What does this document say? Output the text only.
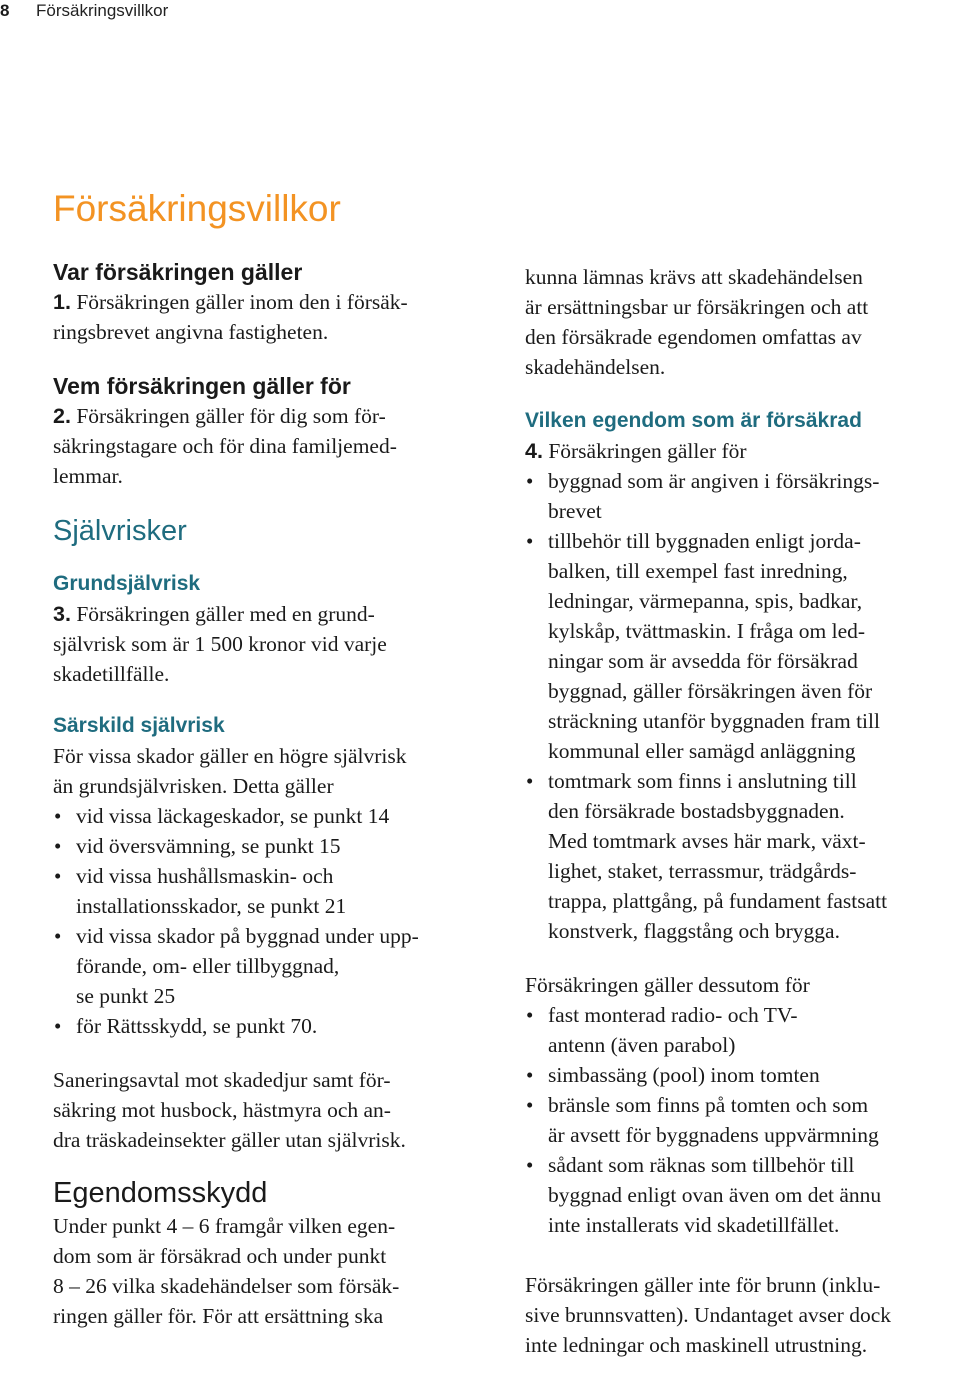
8 Försäkringsvillkor
Försäkringsvillkor
Var försäkringen gäller

1. Försäkringen gäller inom den i försäk-
ringsbrevet angivna fastigheten.

Vem försäkringen gäller för

2. Försäkringen gäller för dig som för-
säkringstagare och för dina familjemed-
lemmar.

Självrisker
Grundsjälvrisk

3. Försäkringen gäller med en grund-
självrisk som är 1 500 kronor vid varje
skadetillfälle.

Särskild självrisk

För vissa skador gäller en högre självrisk
än grundsjälvrisken. Detta gäller

• vid vissa läckageskador, se punkt 14
• vid översvämning, se punkt 15
• vid vissa hushållsmaskin- och
installationsskador, se punkt 21
• vid vissa skador på byggnad under upp-
förande, om- eller tillbyggnad,
se punkt 25
• för Rättsskydd, se punkt 70.

Saneringsavtal mot skadedjur samt för-
säkring mot husbock, hästmyra och an-
dra träskadeinsekter gäller utan självrisk.

Egendomsskydd

Under punkt 4 – 6 framgår vilken egen-
dom som är försäkrad och under punkt
8 – 26 vilka skadehändelser som försäk-
ringen gäller för. För att ersättning ska

kunna lämnas krävs att skadehändelsen
är ersättningsbar ur försäkringen och att
den försäkrade egendomen omfattas av
skadehändelsen.

Vilken egendom som är försäkrad

4. Försäkringen gäller för

• byggnad som är angiven i försäkrings-
brevet
• tillbehör till byggnaden enligt jorda-
balken, till exempel fast inredning,
ledningar, värmepanna, spis, badkar,
kylskåp, tvättmaskin. I fråga om led-
ningar som är avsedda för försäkrad
byggnad, gäller försäkringen även för
sträckning utanför byggnaden fram till
kommunal eller samägd anläggning
• tomtmark som finns i anslutning till
den försäkrade bostadsbyggnaden.
Med tomtmark avses här mark, växt-
lighet, staket, terrassmur, trädgårds-
trappa, plattgång, på fundament fastsatt
konstverk, flaggstång och brygga.

Försäkringen gäller dessutom för

• fast monterad radio- och TV-
antenn (även parabol)
• simbassäng (pool) inom tomten
• bränsle som finns på tomten och som
är avsett för byggnadens uppvärmning
• sådant som räknas som tillbehör till
byggnad enligt ovan även om det ännu
inte installerats vid skadetillfället.

Försäkringen gäller inte för brunn (inklu-
sive brunnsvatten). Undantaget avser dock
inte ledningar och maskinell utrustning.
